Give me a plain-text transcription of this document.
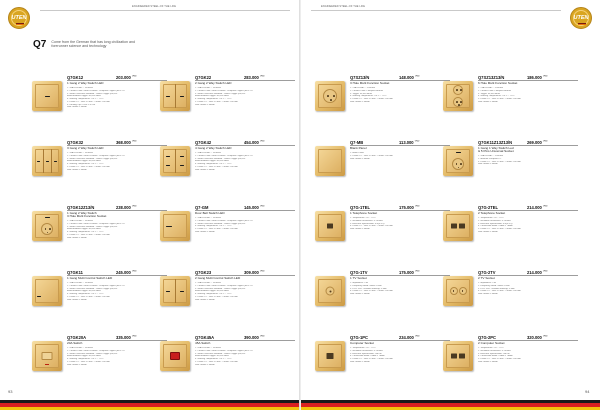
ENGINEERED STEEL-OF THE LIFE
UTEN
Q7 Come from the German that has long civilization and forerunner science and technology
Q7GK12	203.000 $^{VND}$
1 Gang 2 Way Switch LED
1. 16AX250VAC ~ 50/60Hz
2. Contact Point: Silver & Brown · Fireproof Copper (80% Cu
3. Switch Structure Standard · Switch Toggle (60,000
times/Enabled Toggle: 40,000 times
4. Working Temperature: -20°C ~ 70°C
5. Plastic PC · Box: 55 mm · Center: 200 mm
6. Limiting Tips: Lock ≥ 32 cm
Size: 86mm × 86mm
Q7GK22	283.000 $^{VND}$
2 Gang 2 Way Switch LED
1. 16AX250VAC ~ 50/60Hz
2. Contact Point: Silver & Brown · Fireproof Copper (80% Cu
3. Switch Structure Standard · Switch Toggle (60,000
times/Enabled Toggle: 40,000 times
4. Working Temperature: -20°C ~ 70°C
5. Plastic PC · Box: 55 mm · Center: 200 mm
Size: 86mm × 86mm
Q7GK32	368.000 $^{VND}$
3 Gang 2 Way Switch LED
1. 16AX250VAC ~ 50/60Hz
2. Contact Point: Silver & Brown · Fireproof Copper (80% Cu
3. Switch Structure Standard · Switch Toggle (60,000
times/Enabled Toggle: 40,000 times
4. Working Temperature: -20°C ~ 70°C
5. Plastic PC · Box: 55 mm · Center: 200 mm
Size: 86mm × 86mm
Q7GK42	454.000 $^{VND}$
4 Gang 2 Way Switch LED
1. 16AX250VAC ~ 50/60Hz
2. Contact Point: Silver & Brown · Fireproof Copper (80% Cu
3. Switch Structure Standard · Switch Toggle (60,000
times/Enabled Toggle: 40,000 times
4. Working Temperature: -20°C ~ 70°C
5. Plastic PC · Box: 55 mm · Center: 200 mm
Size: 86mm × 86mm
Q7GK12Z13/N	238.000 $^{VND}$
1 Gang 2 Way Switch
3 Hole Multi Function Socket
1. 16AX250VAC ~ 50/60Hz
2. Contact Point: Silver & Brown · Fireproof Copper (80% Cu
3. Switch Structure Standard · Switch Toggle (60,000
times/Enabled Toggle: 40,000 times
4. Working Temperature: -20°C ~ 70°C
5. Plastic PC · Box: 55 mm · Center: 200 mm
Size: 86mm × 86mm
Q7-GM	145.000 $^{VND}$
Door Bell Switch LED
1. 16AX250VAC ~ 50/60Hz
2. Contact Point: Silver & Brown · Fireproof Copper (80% Cu
3. Switch Structure Standard · Switch Toggle (60,000
4. Working Temperature: -20°C ~ 70°C
5. Plastic PC · Box: 55 mm · Center: 200 mm
Size: 86mm × 86mm
Q7GK11	245.000 $^{VND}$
1 Gang Multi Control Switch LED
1. 16AX250VAC ~ 50/60Hz
2. Contact Point: Silver & Brown · Fireproof Copper (80% Cu
3. Switch Structure Standard · Switch Toggle (60,000
times/Enabled Toggle: 40,000 times
4. Working Temperature: -20°C ~ 70°C
5. Plastic PC · Box: 55 mm · Center: 200 mm
Size: 86mm × 86mm
Q7GK23	309.000 $^{VND}$
2 Gang Multi Control Switch LED
1. 16AX250VAC ~ 50/60Hz
2. Contact Point: Silver & Brown · Fireproof Copper (80% Cu
3. Switch Structure Standard · Switch Toggle (60,000
times/Enabled Toggle: 40,000 times
4. Working Temperature: -20°C ~ 70°C
5. Plastic PC · Box: 55 mm · Center: 200 mm
Size: 86mm × 86mm
Q7GK20A	335.000 $^{VND}$
20A Switch
1. 20AX250VAC ~ 50/60Hz
2. Contact Point: Silver & Brown · Fireproof Copper (80% Cu
3. Switch Structure Standard · Switch Toggle (60,000
times/Enabled Toggle: 40,000 times
4. Working Temperature: -20°C ~ 70°C
5. Plastic PC · Box: 55 mm · Center: 200 mm
Size: 86mm × 86mm
Q7GK45A	390.000 $^{VND}$
45A Switch
1. 45AX250VAC ~ 50/60Hz
2. Contact Point: Silver & Brown · Fireproof Copper (80% Cu
3. Switch Structure Standard · Switch Toggle (60,000
times/Enabled Toggle: 40,000 times
4. Working Temperature: -20°C ~ 70°C
5. Plastic PC · Box: 55 mm · Center: 200 mm
Size: 86mm × 86mm
93
ENGINEERED STEEL-OF THE LIFE
UTEN
Q7SZ13/N	148.000 $^{VND}$
3 Hole Multi Function Socket
1. 13A/250VAC ~ 50/60Hz
2. Contact Point: Phosphor Bronze
3. Toggle: 40,000 times
4. Working Temperature: -20°C ~ 70°C
5. Plastic PC · Box: 55 mm · Center: 200 mm
Size: 86mm × 86mm
Q7SZ13Z13/N	186.000 $^{VND}$
6 Hole Multi Function Socket
1. 13A/250VAC ~ 50/60Hz
2. Contact Point: Phosphor Bronze
3. Toggle: 40,000 times
4. Working Temperature: -20°C ~ 70°C
5. Plastic PC · Box: 55 mm · Center: 200 mm
Size: 86mm × 86mm
Q7-MB	113.000 $^{VND}$
Blank Panel
1. Blank Panel
2. Plastic PC · Box: 55 mm · Center: 200 mm
Size: 86mm × 86mm
Q7GK11Z13Z13/N	269.000 $^{VND}$
1 Gang 1 Way Switch Led
& 5 Pins Universal Socket
1. 16A/250VAC ~ 50/60Hz
2. Material: Fireproof PC
3. Plastic PC · Box: 55 mm · Center: 200 mm
Size: 86mm × 86mm
Q7G-1TEL	175.000 $^{VND}$
1 Telephone Socket
1. Temperature: -20 ~ 70°C
2. Insulation Resistance: ≥ 500mΩ
3. Electrical Specification: 6-4(RJ11)
4. Plastic PC · Box: 55 mm · Center: 200 mm
Size: 86mm × 86mm
Q7G-2TEL	214.000 $^{VND}$
2 Telephone Socket
1. Temperature: -20 ~ 70°C
2. Insulation Resistance: ≥ 500mΩ
3. Electrical Specification: 6-4(RJ11)
4. Connection Mode: TEAM 2 TEAM
5. Plastic PC · Box: 55 mm · Center: 200 mm
Size: 86mm × 86mm
Q7G-1TV	175.000 $^{VND}$
1 TV Socket
1. Impedance: 75Ω
2. Frequency Band: 5MHz~1GHz
3. FPS: ≥2B · Isolation Industry: ≥ 4dB
4. Plastic PC · Box: 55 mm · Center: 200 mm
Size: 86mm × 86mm
Q7G-2TV	214.000 $^{VND}$
2 TV Socket
1. Impedance: 75Ω
2. Frequency Band: 5MHz~1GHz
3. FPS: ≥2B · Isolation Industry: ≥ 4dB
4. Plastic PC · Box: 55 mm · Center: 200 mm
Size: 86mm × 86mm
Q7G-1PC	234.000 $^{VND}$
Computer Socket
1. Temperature: -20 ~ 70°C
2. Insulation Resistance: ≥ 500mΩ
3. Electrical Specification: CAT5E
4. Connection Mode: TEAM 2 TEAM
5. Plastic PC · Box: 55 mm · Center: 200 mm
Size: 86mm × 86mm
Q7G-2PC	320.000 $^{VND}$
2 Computer Socket
1. Temperature: -20 ~ 70°C
2. Insulation Resistance: ≥ 500mΩ
3. Electrical Specification: CAT5E
4. Connection Mode: TEAM 2 TEAM
5. Plastic PC · Box: 55 mm · Center: 200 mm
Size: 86mm × 86mm
94
